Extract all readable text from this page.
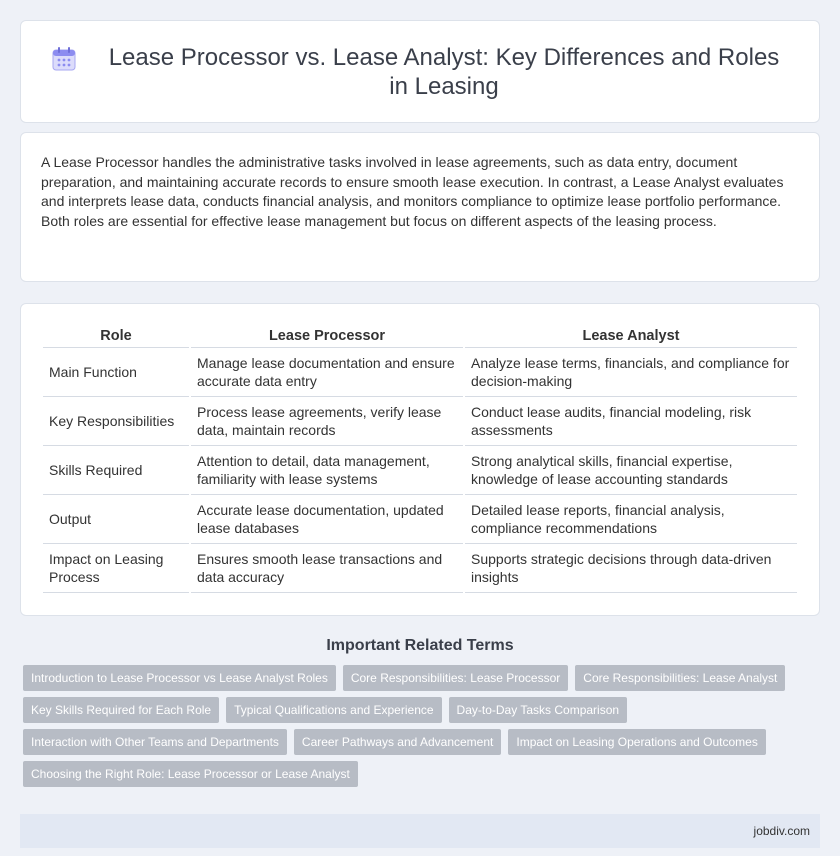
Lease Processor vs. Lease Analyst: Key Differences and Roles in Leasing

A Lease Processor handles the administrative tasks involved in lease agreements, such as data entry, document preparation, and maintaining accurate records to ensure smooth lease execution. In contrast, a Lease Analyst evaluates and interprets lease data, conducts financial analysis, and monitors compliance to optimize lease portfolio performance. Both roles are essential for effective lease management but focus on different aspects of the leasing process.

Role	Lease Processor	Lease Analyst
Main Function	Manage lease documentation and ensure accurate data entry	Analyze lease terms, financials, and compliance for decision-making
Key Responsibilities	Process lease agreements, verify lease data, maintain records	Conduct lease audits, financial modeling, risk assessments
Skills Required	Attention to detail, data management, familiarity with lease systems	Strong analytical skills, financial expertise, knowledge of lease accounting standards
Output	Accurate lease documentation, updated lease databases	Detailed lease reports, financial analysis, compliance recommendations
Impact on Leasing Process	Ensures smooth lease transactions and data accuracy	Supports strategic decisions through data-driven insights
Important Related Terms
Introduction to Lease Processor vs Lease Analyst Roles	Core Responsibilities: Lease Processor	Core Responsibilities: Lease Analyst
Key Skills Required for Each Role	Typical Qualifications and Experience	Day-to-Day Tasks Comparison
Interaction with Other Teams and Departments	Career Pathways and Advancement	Impact on Leasing Operations and Outcomes
Choosing the Right Role: Lease Processor or Lease Analyst
jobdiv.com
